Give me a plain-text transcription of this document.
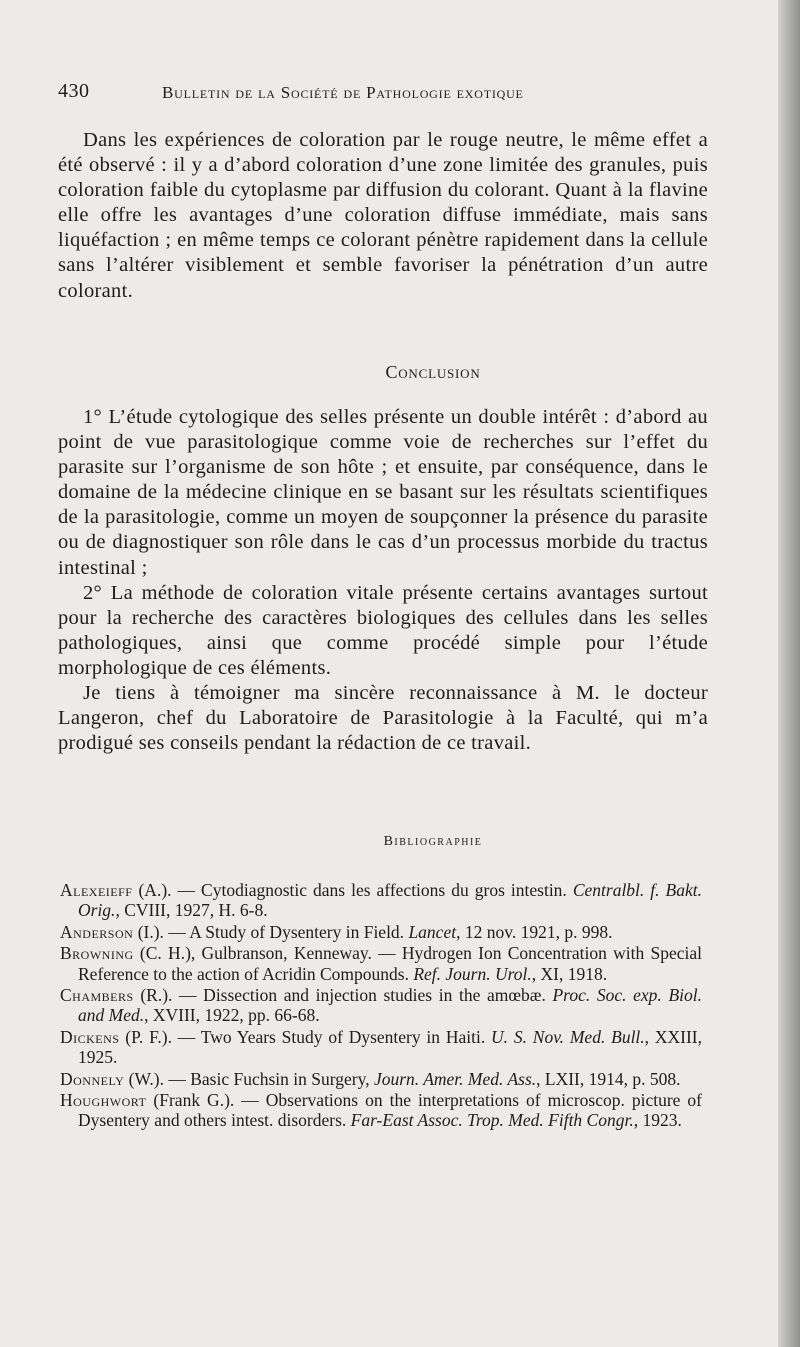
430	Bulletin de la Société de Pathologie exotique

Dans les expériences de coloration par le rouge neutre, le même effet a été observé : il y a d’abord coloration d’une zone limitée des granules, puis coloration faible du cytoplasme par diffusion du colorant. Quant à la flavine elle offre les avantages d’une coloration diffuse immédiate, mais sans liquéfaction ; en même temps ce colorant pénètre rapidement dans la cellule sans l’altérer visiblement et semble favoriser la pénétration d’un autre colorant.

Conclusion

1° L’étude cytologique des selles présente un double intérêt : d’abord au point de vue parasitologique comme voie de recherches sur l’effet du parasite sur l’organisme de son hôte ; et ensuite, par conséquence, dans le domaine de la médecine clinique en se basant sur les résultats scientifiques de la parasitologie, comme un moyen de soupçonner la présence du parasite ou de diagnostiquer son rôle dans le cas d’un processus morbide du tractus intestinal ;

2° La méthode de coloration vitale présente certains avantages surtout pour la recherche des caractères biologiques des cellules dans les selles pathologiques, ainsi que comme procédé simple pour l’étude morphologique de ces éléments.

Je tiens à témoigner ma sincère reconnaissance à M. le docteur Langeron, chef du Laboratoire de Parasitologie à la Faculté, qui m’a prodigué ses conseils pendant la rédaction de ce travail.

Bibliographie

Alexeieff (A.). — Cytodiagnostic dans les affections du gros intestin. Centralbl. f. Bakt. Orig., CVIII, 1927, H. 6-8.

Anderson (I.). — A Study of Dysentery in Field. Lancet, 12 nov. 1921, p. 998.

Browning (C. H.), Gulbranson, Kenneway. — Hydrogen Ion Concentration with Special Reference to the action of Acridin Compounds. Ref. Journ. Urol., XI, 1918.

Chambers (R.). — Dissection and injection studies in the amœbæ. Proc. Soc. exp. Biol. and Med., XVIII, 1922, pp. 66-68.

Dickens (P. F.). — Two Years Study of Dysentery in Haiti. U. S. Nov. Med. Bull., XXIII, 1925.

Donnely (W.). — Basic Fuchsin in Surgery, Journ. Amer. Med. Ass., LXII, 1914, p. 508.

Houghwort (Frank G.). — Observations on the interpretations of microscop. picture of Dysentery and others intest. disorders. Far-East Assoc. Trop. Med. Fifth Congr., 1923.
